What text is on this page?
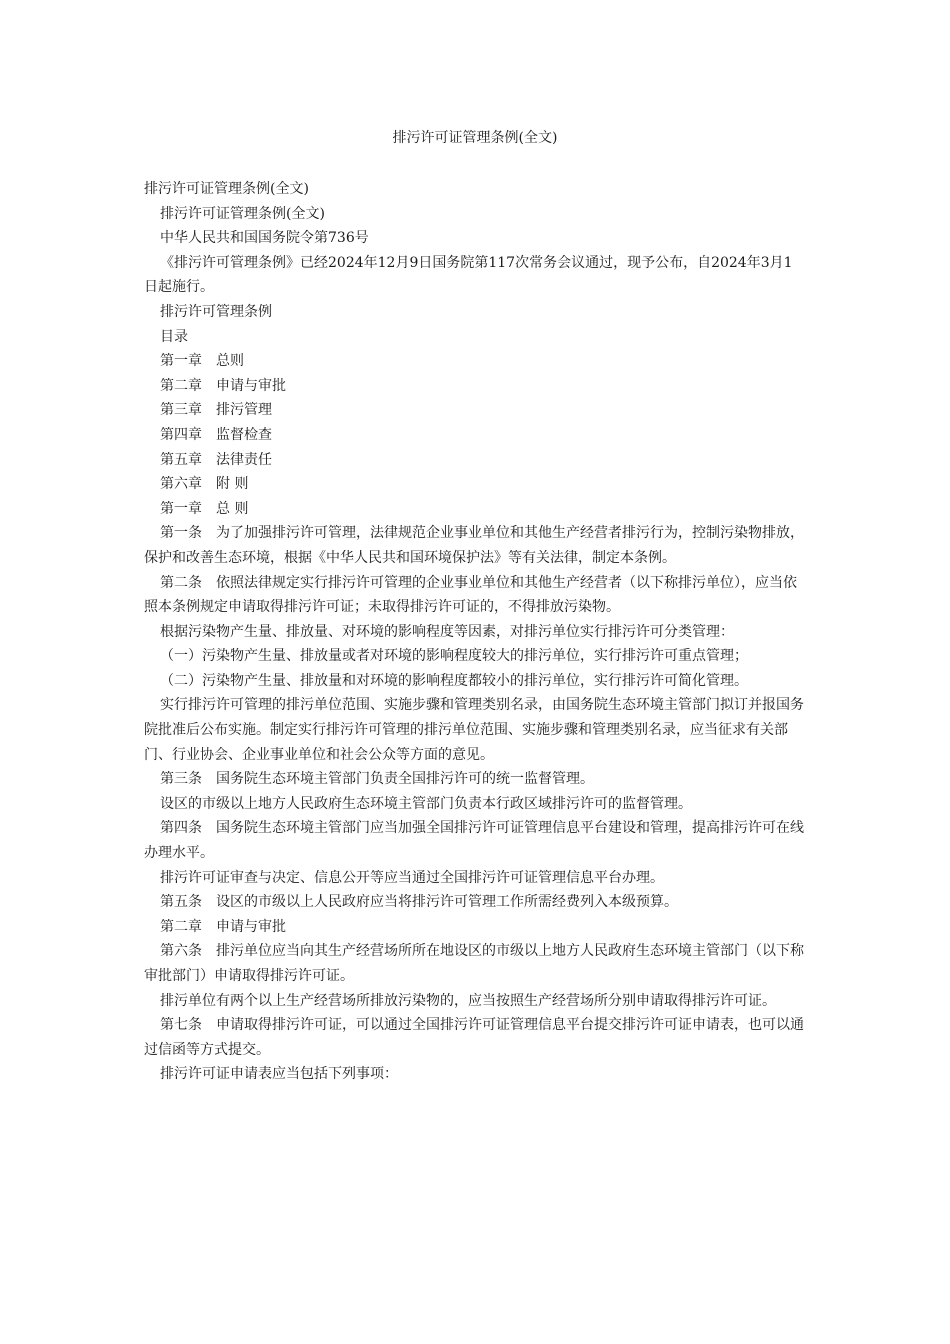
排污许可证管理条例(全文)

排污许可证管理条例(全文)

排污许可证管理条例(全文)

中华人民共和国国务院令第736号

《排污许可管理条例》已经2024年12月9日国务院第117次常务会议通过，现予公布，自2024年3月1日起施行。

排污许可管理条例

目录

第一章　总则

第二章　申请与审批

第三章　排污管理

第四章　监督检查

第五章　法律责任

第六章　附 则

第一章　总 则

第一条　为了加强排污许可管理，法律规范企业事业单位和其他生产经营者排污行为，控制污染物排放，保护和改善生态环境，根据《中华人民共和国环境保护法》等有关法律，制定本条例。

第二条　依照法律规定实行排污许可管理的企业事业单位和其他生产经营者（以下称排污单位），应当依照本条例规定申请取得排污许可证；未取得排污许可证的，不得排放污染物。

根据污染物产生量、排放量、对环境的影响程度等因素，对排污单位实行排污许可分类管理：

（一）污染物产生量、排放量或者对环境的影响程度较大的排污单位，实行排污许可重点管理；

（二）污染物产生量、排放量和对环境的影响程度都较小的排污单位，实行排污许可简化管理。

实行排污许可管理的排污单位范围、实施步骤和管理类别名录，由国务院生态环境主管部门拟订并报国务院批准后公布实施。制定实行排污许可管理的排污单位范围、实施步骤和管理类别名录，应当征求有关部门、行业协会、企业事业单位和社会公众等方面的意见。

第三条　国务院生态环境主管部门负责全国排污许可的统一监督管理。

设区的市级以上地方人民政府生态环境主管部门负责本行政区域排污许可的监督管理。

第四条　国务院生态环境主管部门应当加强全国排污许可证管理信息平台建设和管理，提高排污许可在线办理水平。

排污许可证审查与决定、信息公开等应当通过全国排污许可证管理信息平台办理。

第五条　设区的市级以上人民政府应当将排污许可管理工作所需经费列入本级预算。

第二章　申请与审批

第六条　排污单位应当向其生产经营场所所在地设区的市级以上地方人民政府生态环境主管部门（以下称审批部门）申请取得排污许可证。

排污单位有两个以上生产经营场所排放污染物的，应当按照生产经营场所分别申请取得排污许可证。

第七条　申请取得排污许可证，可以通过全国排污许可证管理信息平台提交排污许可证申请表，也可以通过信函等方式提交。

排污许可证申请表应当包括下列事项：
